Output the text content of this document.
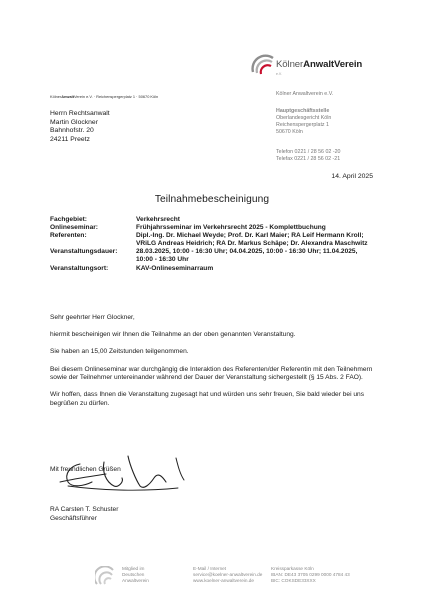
KölnerAnwaltVerein
e.V.
KölnerAnwaltVerein e.V. · Reichenspergerplatz 1 · 50670 Köln
Herrn Rechtsanwalt
Martin Glockner
Bahnhofstr. 20
24211 Preetz
Kölner Anwaltverein e.V.
Hauptgeschäftsstelle
Oberlandesgericht Köln
Reichenspergerplatz 1
50670 Köln
Telefon 0221 / 28 56 02 -20
Telefax 0221 / 28 56 02 -21
14. April 2025
Teilnahmebescheinigung
Fachgebiet:	Verkehrsrecht
Onlineseminar:	Frühjahrsseminar im Verkehrsrecht 2025 - Komplettbuchung
Referenten:	Dipl.-Ing. Dr. Michael Weyde; Prof. Dr. Karl Maier; RA Leif Hermann Kroll; VRiLG Andreas Heidrich; RA Dr. Markus Schäpe; Dr. Alexandra Maschwitz
Veranstaltungsdauer:	28.03.2025, 10:00 - 16:30 Uhr; 04.04.2025, 10:00 - 16:30 Uhr; 11.04.2025, 10:00 - 16:30 Uhr
Veranstaltungsort:	KAV-Onlineseminarraum

Sehr geehrter Herr Glockner,

hiermit bescheinigen wir Ihnen die Teilnahme an der oben genannten Veranstaltung.

Sie haben an 15,00 Zeitstunden teilgenommen.

Bei diesem Onlineseminar war durchgängig die Interaktion des Referenten/der Referentin mit den Teilnehmern sowie der Teilnehmer untereinander während der Dauer der Veranstaltung sichergestellt (§ 15 Abs. 2 FAO).

Wir hoffen, dass Ihnen die Veranstaltung zugesagt hat und würden uns sehr freuen, Sie bald wieder bei uns begrüßen zu dürfen.

Mit freundlichen Grüßen
RA Carsten T. Schuster
Geschäftsführer
Mitglied im
Deutschen
Anwaltverein
E-Mail / Internet
service@koelner-anwaltverein.de
www.koelner-anwaltverein.de
Kreissparkasse Köln
IBAN: DE43 3705 0299 0000 4784 43
BIC: COKSDE33XXX
